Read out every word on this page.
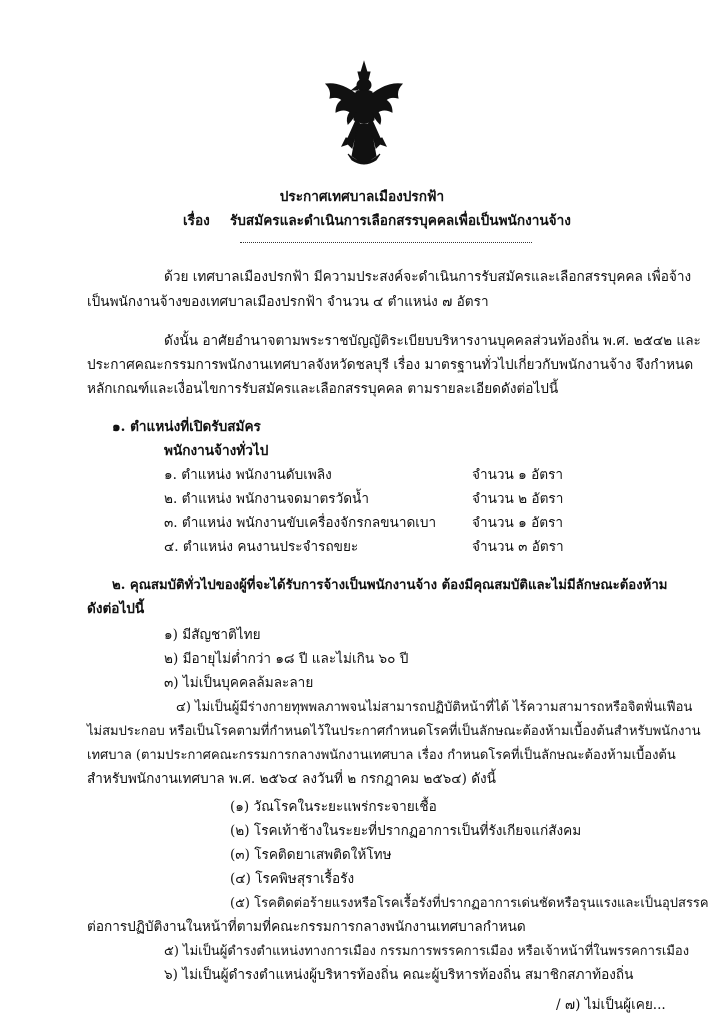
ประกาศเทศบาลเมืองปรกฟ้า
เรื่อง รับสมัครและดำเนินการเลือกสรรบุคคลเพื่อเป็นพนักงานจ้าง
ด้วย เทศบาลเมืองปรกฟ้า มีความประสงค์จะดำเนินการรับสมัครและเลือกสรรบุคคล เพื่อจ้าง
เป็นพนักงานจ้างของเทศบาลเมืองปรกฟ้า จำนวน ๔ ตำแหน่ง ๗ อัตรา
ดังนั้น อาศัยอำนาจตามพระราชบัญญัติระเบียบบริหารงานบุคคลส่วนท้องถิ่น พ.ศ. ๒๕๔๒ และ
ประกาศคณะกรรมการพนักงานเทศบาลจังหวัดชลบุรี เรื่อง มาตรฐานทั่วไปเกี่ยวกับพนักงานจ้าง จึงกำหนด
หลักเกณฑ์และเงื่อนไขการรับสมัครและเลือกสรรบุคคล ตามรายละเอียดดังต่อไปนี้
๑. ตำแหน่งที่เปิดรับสมัคร
พนักงานจ้างทั่วไป
๑. ตำแหน่ง พนักงานดับเพลิง	จำนวน ๑ อัตรา
๒. ตำแหน่ง พนักงานจดมาตรวัดน้ำ	จำนวน ๒ อัตรา
๓. ตำแหน่ง พนักงานขับเครื่องจักรกลขนาดเบา	จำนวน ๑ อัตรา
๔. ตำแหน่ง คนงานประจำรถขยะ	จำนวน ๓ อัตรา
๒. คุณสมบัติทั่วไปของผู้ที่จะได้รับการจ้างเป็นพนักงานจ้าง ต้องมีคุณสมบัติและไม่มีลักษณะต้องห้าม
ดังต่อไปนี้
๑) มีสัญชาติไทย
๒) มีอายุไม่ต่ำกว่า ๑๘ ปี และไม่เกิน ๖๐ ปี
๓) ไม่เป็นบุคคลล้มละลาย
๔) ไม่เป็นผู้มีร่างกายทุพพลภาพจนไม่สามารถปฏิบัติหน้าที่ได้ ไร้ความสามารถหรือจิตฟั่นเฟือน
ไม่สมประกอบ หรือเป็นโรคตามที่กำหนดไว้ในประกาศกำหนดโรคที่เป็นลักษณะต้องห้ามเบื้องต้นสำหรับพนักงาน
เทศบาล (ตามประกาศคณะกรรมการกลางพนักงานเทศบาล เรื่อง กำหนดโรคที่เป็นลักษณะต้องห้ามเบื้องต้น
สำหรับพนักงานเทศบาล พ.ศ. ๒๕๖๔ ลงวันที่ ๒ กรกฎาคม ๒๕๖๔) ดังนี้
(๑) วัณโรคในระยะแพร่กระจายเชื้อ
(๒) โรคเท้าช้างในระยะที่ปรากฏอาการเป็นที่รังเกียจแก่สังคม
(๓) โรคติดยาเสพติดให้โทษ
(๔) โรคพิษสุราเรื้อรัง
(๕) โรคติดต่อร้ายแรงหรือโรคเรื้อรังที่ปรากฏอาการเด่นชัดหรือรุนแรงและเป็นอุปสรรค
ต่อการปฏิบัติงานในหน้าที่ตามที่คณะกรรมการกลางพนักงานเทศบาลกำหนด
๕) ไม่เป็นผู้ดำรงตำแหน่งทางการเมือง กรรมการพรรคการเมือง หรือเจ้าหน้าที่ในพรรคการเมือง
๖) ไม่เป็นผู้ดำรงตำแหน่งผู้บริหารท้องถิ่น คณะผู้บริหารท้องถิ่น สมาชิกสภาท้องถิ่น
/ ๗) ไม่เป็นผู้เคย...
